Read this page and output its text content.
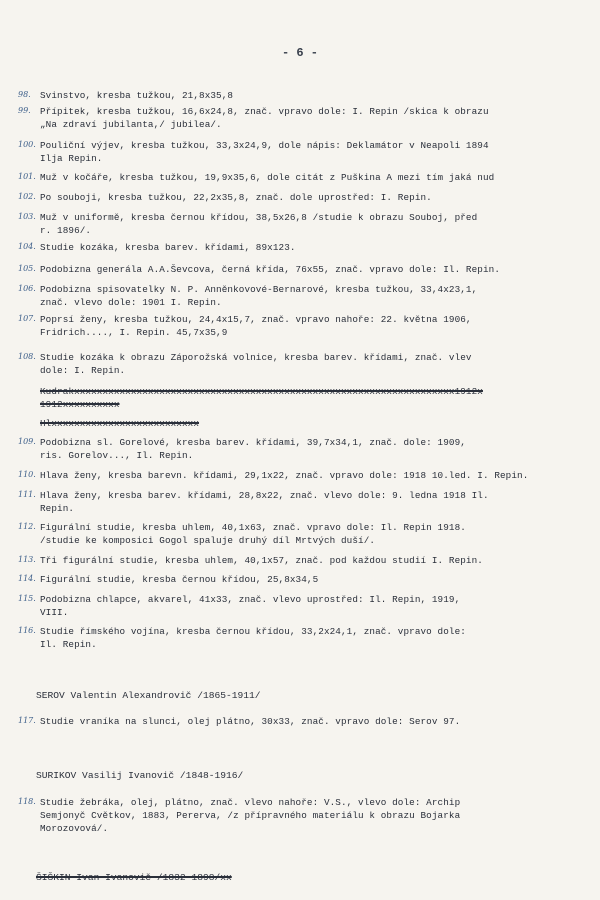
- 6 -
98. Svinstvo, kresba tužkou, 21,8x35,8
99. Přípitek, kresba tužkou, 16,6x24,8, znač. vpravo dole: I. Repin /skica k obrazu
„Na zdraví jubilanta,/ jubilea/.
100. Pouliční výjev, kresba tužkou, 33,3x24,9, dole nápis: Deklamátor v Neapoli 1894
Ilja Repin.
101. Muž v kočáře, kresba tužkou, 19,9x35,6, dole citát z Puškina A mezi tím jaká nud
102. Po souboji, kresba tužkou, 22,2x35,8, znač. dole uprostřed: I. Repin.
103. Muž v uniformě, kresba černou křídou, 38,5x26,8 /studie k obrazu Souboj, před
r. 1896/.
104. Studie kozáka, kresba barev. křídami, 89x123.
105. Podobizna generála A.A.Ševcova, černá křída, 76x55, znač. vpravo dole: Il. Repin.
106. Podobizna spisovatelky N. P. Anněnkovové-Bernarové, kresba tužkou, 33,4x23,1,
znač. vlevo dole: 1901 I. Repin.
107. Poprsí ženy, kresba tužkou, 24,4x15,7, znač. vpravo nahoře: 22. května 1906,
Fridrich...., I. Repin. 45,7x35,9
108. Studie kozáka k obrazu Záporožská volnice, kresba barev. křídami, znač. vlev
dole: I. Repin.
Kudrakxxxxxxxxxxxxxxxxxxxxxxxxxxxxxxxxxxxxxxxxxxxxxxxxxxxxxxxxxxxxxxxxxxx1912x
1912xxxxxxxxxx
Hlxxxxxxxxxxxxxxxxxxxxxxxxxx
109. Podobizna sl. Gorelové, kresba barev. křídami, 39,7x34,1, znač. dole: 1909,
ris. Gorelov..., Il. Repin.
110. Hlava ženy, kresba barevn. křídami, 29,1x22, znač. vpravo dole: 1918 10.led. I. Repin.
111. Hlava ženy, kresba barev. křídami, 28,8x22, znač. vlevo dole: 9. ledna 1918 Il.
Repin.
112. Figurální studie, kresba uhlem, 40,1x63, znač. vpravo dole: Il. Repin 1918.
/studie ke komposici Gogol spaluje druhý díl Mrtvých duší/.
113. Tři figurální studie, kresba uhlem, 40,1x57, znač. pod každou studií I. Repin.
114. Figurální studie, kresba černou křídou, 25,8x34,5
115. Podobizna chlapce, akvarel, 41x33, znač. vlevo uprostřed: Il. Repin, 1919,
VIII.
116. Studie římského vojína, kresba černou křídou, 33,2x24,1, znač. vpravo dole:
Il. Repin.
SEROV Valentin Alexandrovič /1865-1911/
117. Studie vraníka na slunci, olej plátno, 30x33, znač. vpravo dole: Serov 97.
SURIKOV Vasilij Ivanovič /1848-1916/
118. Studie žebráka, olej, plátno, znač. vlevo nahoře: V.S., vlevo dole: Archip
Semjonyč Cvětkov, 1883, Pererva, /z přípravného materiálu k obrazu Bojarka
Morozovová/.
ŠIŠKIN Ivan Ivanovič /1832-1898/xx
